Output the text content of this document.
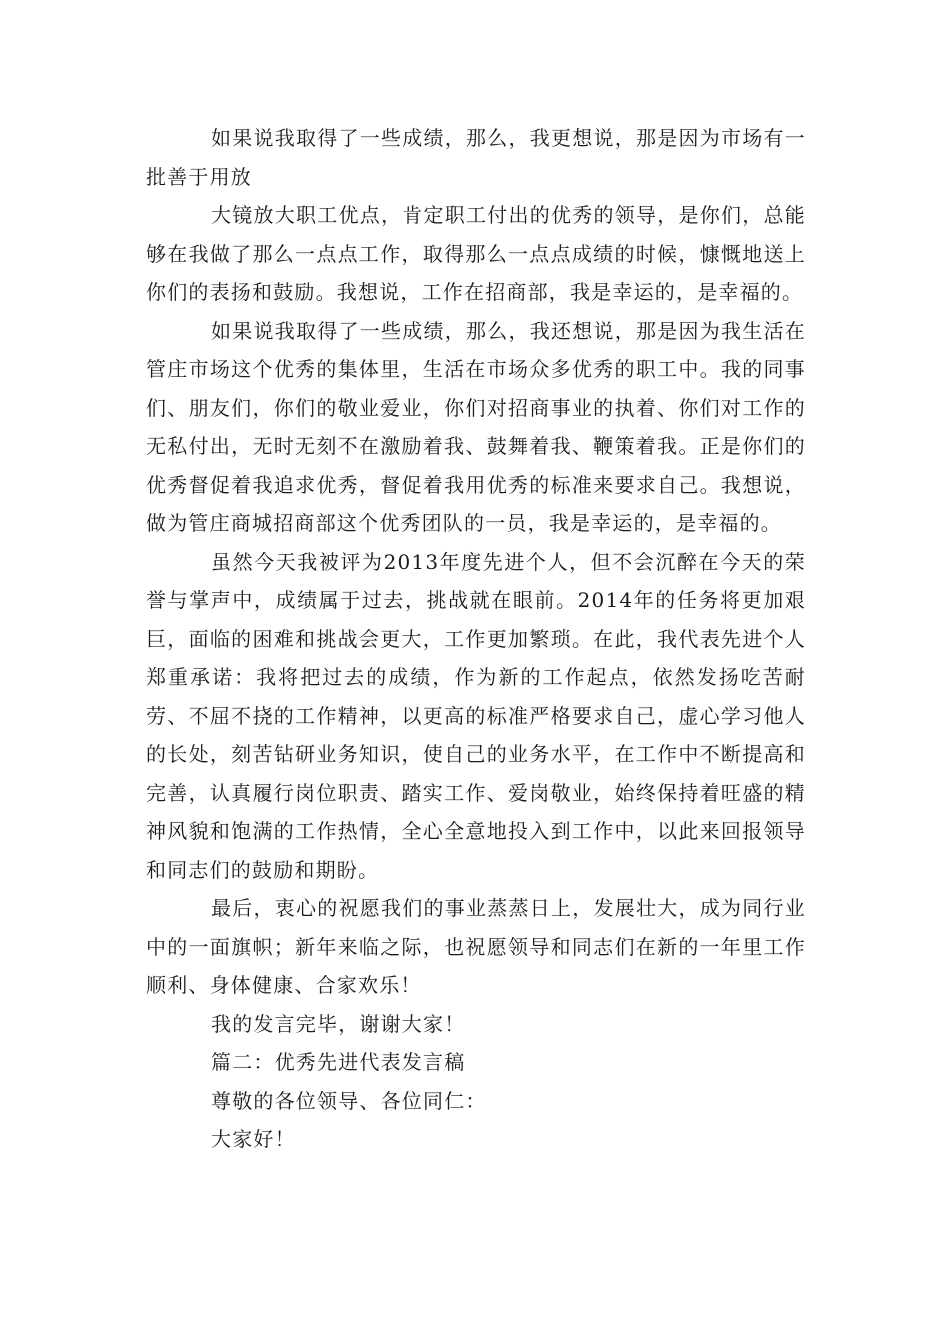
如果说我取得了一些成绩，那么，我更想说，那是因为市场有一批善于用放

大镜放大职工优点，肯定职工付出的优秀的领导，是你们，总能够在我做了那么一点点工作，取得那么一点点成绩的时候，慷慨地送上你们的表扬和鼓励。我想说，工作在招商部，我是幸运的，是幸福的。

如果说我取得了一些成绩，那么，我还想说，那是因为我生活在管庄市场这个优秀的集体里，生活在市场众多优秀的职工中。我的同事们、朋友们，你们的敬业爱业，你们对招商事业的执着、你们对工作的无私付出，无时无刻不在激励着我、鼓舞着我、鞭策着我。正是你们的优秀督促着我追求优秀，督促着我用优秀的标准来要求自己。我想说，做为管庄商城招商部这个优秀团队的一员，我是幸运的，是幸福的。

虽然今天我被评为2013年度先进个人，但不会沉醉在今天的荣誉与掌声中，成绩属于过去，挑战就在眼前。2014年的任务将更加艰巨，面临的困难和挑战会更大，工作更加繁琐。在此，我代表先进个人郑重承诺：我将把过去的成绩，作为新的工作起点，依然发扬吃苦耐劳、不屈不挠的工作精神，以更高的标准严格要求自己，虚心学习他人的长处，刻苦钻研业务知识，使自己的业务水平，在工作中不断提高和完善，认真履行岗位职责、踏实工作、爱岗敬业，始终保持着旺盛的精神风貌和饱满的工作热情，全心全意地投入到工作中，以此来回报领导和同志们的鼓励和期盼。

最后，衷心的祝愿我们的事业蒸蒸日上，发展壮大，成为同行业中的一面旗帜；新年来临之际，也祝愿领导和同志们在新的一年里工作顺利、身体健康、合家欢乐！

我的发言完毕，谢谢大家！

篇二：优秀先进代表发言稿

尊敬的各位领导、各位同仁：

大家好！
